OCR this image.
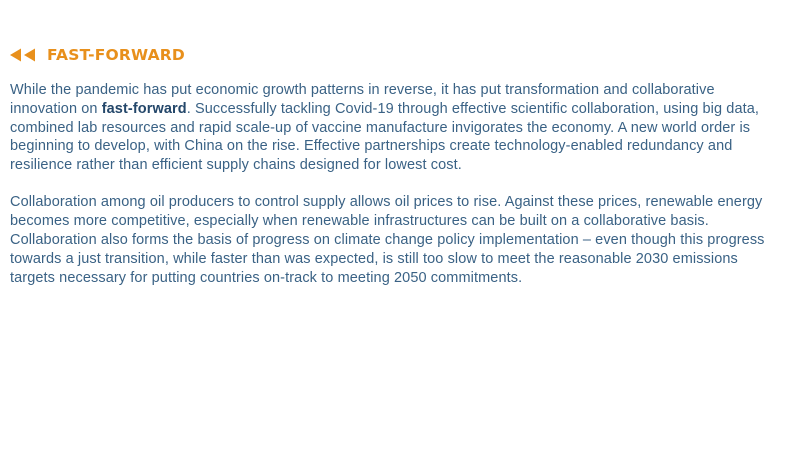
FAST-FORWARD

While the pandemic has put economic growth patterns in reverse, it has put transformation and collaborative innovation on fast-forward. Successfully tackling Covid-19 through effective scientific collaboration, using big data, combined lab resources and rapid scale-up of vaccine manufacture invigorates the economy. A new world order is beginning to develop, with China on the rise. Effective partnerships create technology-enabled redundancy and resilience rather than efficient supply chains designed for lowest cost.

Collaboration among oil producers to control supply allows oil prices to rise. Against these prices, renewable energy becomes more competitive, especially when renewable infrastructures can be built on a collaborative basis. Collaboration also forms the basis of progress on climate change policy implementation – even though this progress towards a just transition, while faster than was expected, is still too slow to meet the reasonable 2030 emissions targets necessary for putting countries on-track to meeting 2050 commitments.
